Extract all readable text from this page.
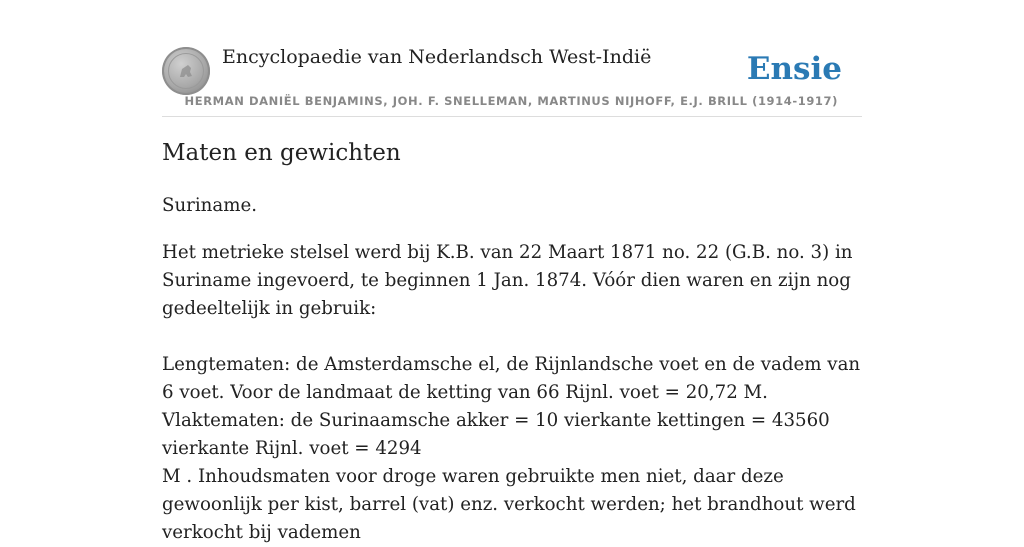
Encyclopaedie van Nederlandsch West-Indië	Ensie
HERMAN DANIËL BENJAMINS, JOH. F. SNELLEMAN, MARTINUS NIJHOFF, E.J. BRILL (1914-1917)
Maten en gewichten

Suriname.

Het metrieke stelsel werd bij K.B. van 22 Maart 1871 no. 22 (G.B. no. 3) in Suriname ingevoerd, te beginnen 1 Jan. 1874. Vóór dien waren en zijn nog gedeeltelijk in gebruik:

Lengtematen: de Amsterdamsche el, de Rijnlandsche voet en de vadem van 6 voet. Voor de landmaat de ketting van 66 Rijnl. voet = 20,72 M. Vlaktematen: de Surinaamsche akker = 10 vierkante kettingen = 43560 vierkante Rijnl. voet = 4294

M . Inhoudsmaten voor droge waren gebruikte men niet, daar deze gewoonlijk per kist, barrel (vat) enz. verkocht werden; het brandhout werd verkocht bij vademen
